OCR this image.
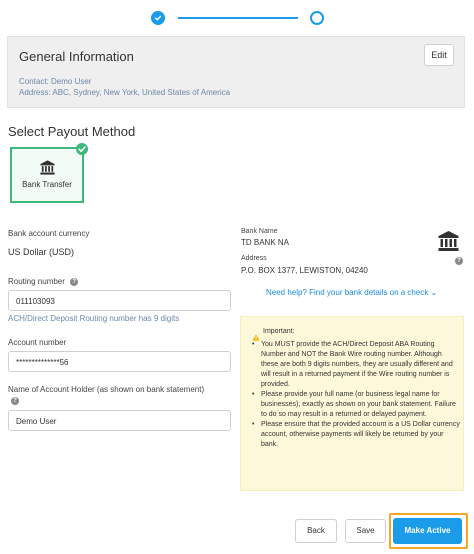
General Information	Edit
Contact: Demo User
Address: ABC, Sydney, New York, United States of America
Select Payout Method
Bank Transfer
Bank account currency
US Dollar (USD)
Routing number ?
011103093
ACH/Direct Deposit Routing number has 9 digits
Account number
**************56
Name of Account Holder (as shown on bank statement)
?
Demo User
Bank Name
TD BANK NA
Address
P.O. BOX 1377, LEWISTON, 04240
?
Need help? Find your bank details on a check ⌄
Important:
• You MUST provide the ACH/Direct Deposit ABA Routing Number and NOT the Bank Wire routing number. Although these are both 9 digits numbers, they are usually different and will result in a returned payment if the Wire routing number is provided.
• Please provide your full name (or business legal name for businesses), exactly as shown on your bank statement. Failure to do so may result in a returned or delayed payment.
• Please ensure that the provided account is a US Dollar currency account, otherwise payments will likely be returned by your bank.
Back	Save	Make Active
